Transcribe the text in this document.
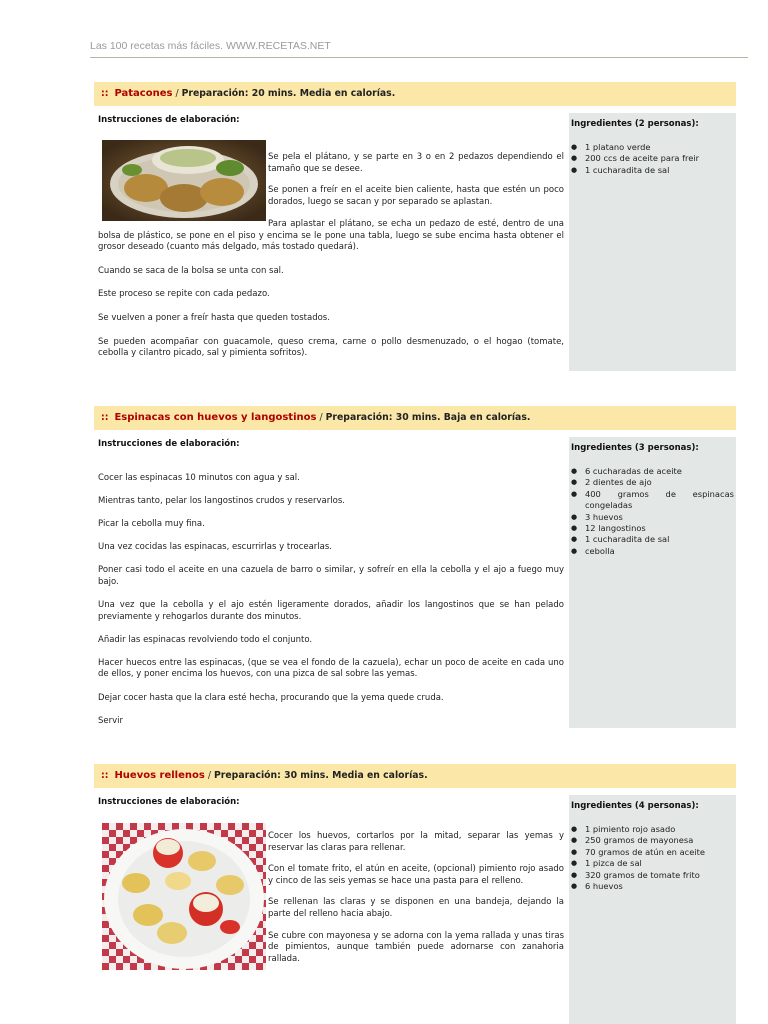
Las 100 recetas más fáciles. WWW.RECETAS.NET
:: Patacones / Preparación: 20 mins. Media en calorías.
Instrucciones de elaboración:	Ingredientes (2 personas):
● 1 platano verde
● 200 ccs de aceite para freir
● 1 cucharadita de sal

Se pela el plátano, y se parte en 3 o en 2 pedazos dependiendo el tamaño que se desee.

Se ponen a freír en el aceite bien caliente, hasta que estén un poco dorados, luego se sacan y por separado se aplastan.

Para aplastar el plátano, se echa un pedazo de esté, dentro de una bolsa de plástico, se pone en el piso y encima se le pone una tabla, luego se sube encima hasta obtener el grosor deseado (cuanto más delgado, más tostado quedará).

Cuando se saca de la bolsa se unta con sal.

Este proceso se repite con cada pedazo.

Se vuelven a poner a freír hasta que queden tostados.

Se pueden acompañar con guacamole, queso crema, carne o pollo desmenuzado, o el hogao (tomate, cebolla y cilantro picado, sal y pimienta sofritos).

:: Espinacas con huevos y langostinos / Preparación: 30 mins. Baja en calorías.
Instrucciones de elaboración:	Ingredientes (3 personas):
● 6 cucharadas de aceite
● 2 dientes de ajo
● 400 gramos de espinacas congeladas
● 3 huevos
● 12 langostinos
● 1 cucharadita de sal
● cebolla

Cocer las espinacas 10 minutos con agua y sal.

Mientras tanto, pelar los langostinos crudos y reservarlos.

Picar la cebolla muy fina.

Una vez cocidas las espinacas, escurrirlas y trocearlas.

Poner casi todo el aceite en una cazuela de barro o similar, y sofreír en ella la cebolla y el ajo a fuego muy bajo.

Una vez que la cebolla y el ajo estén ligeramente dorados, añadir los langostinos que se han pelado previamente y rehogarlos durante dos minutos.

Añadir las espinacas revolviendo todo el conjunto.

Hacer huecos entre las espinacas, (que se vea el fondo de la cazuela), echar un poco de aceite en cada uno de ellos, y poner encima los huevos, con una pizca de sal sobre las yemas.

Dejar cocer hasta que la clara esté hecha, procurando que la yema quede cruda.

Servir

:: Huevos rellenos / Preparación: 30 mins. Media en calorías.
Instrucciones de elaboración:	Ingredientes (4 personas):
● 1 pimiento rojo asado
● 250 gramos de mayonesa
● 70 gramos de atún en aceite
● 1 pizca de sal
● 320 gramos de tomate frito
● 6 huevos

Cocer los huevos, cortarlos por la mitad, separar las yemas y reservar las claras para rellenar.

Con el tomate frito, el atún en aceite, (opcional) pimiento rojo asado y cinco de las seis yemas se hace una pasta para el relleno.

Se rellenan las claras y se disponen en una bandeja, dejando la parte del relleno hacia abajo.

Se cubre con mayonesa y se adorna con la yema rallada y unas tiras de pimientos, aunque también puede adornarse con zanahoria rallada.
